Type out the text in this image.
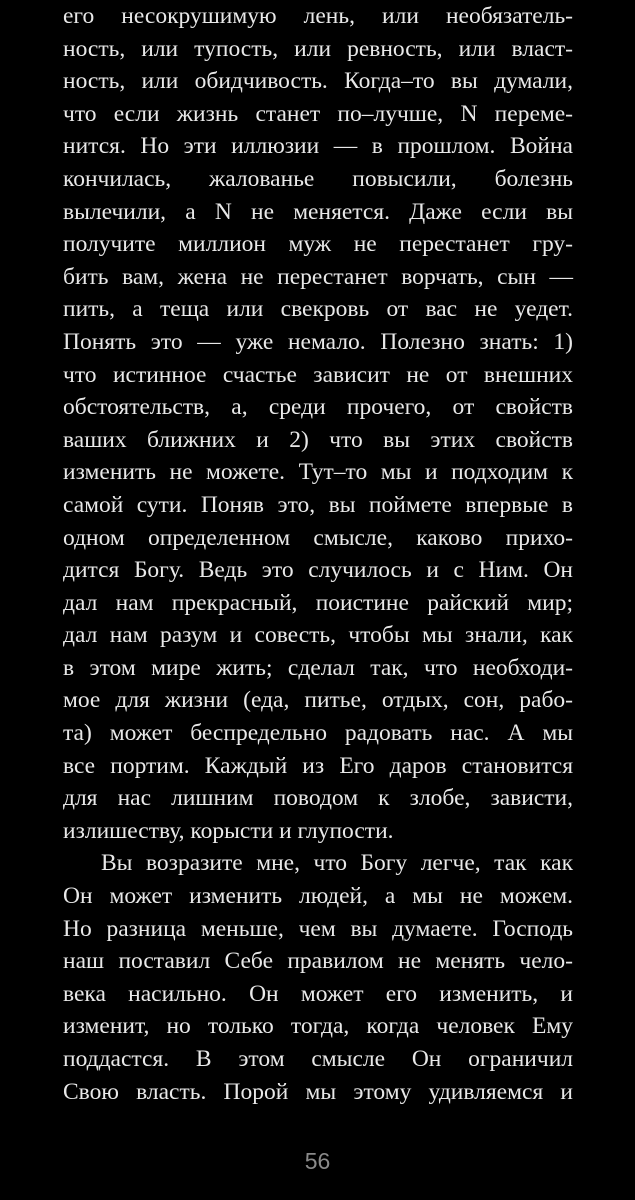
его несокрушимую лень, или необязатель-
ность, или тупость, или ревность, или власт-
ность, или обидчивость. Когда–то вы думали,
что если жизнь станет по–лучше, N переме-
нится. Но эти иллюзии — в прошлом. Война
кончилась, жалованье повысили, болезнь
вылечили, а N не меняется. Даже если вы
получите миллион муж не перестанет гру-
бить вам, жена не перестанет ворчать, сын —
пить, а теща или свекровь от вас не уедет.
Понять это — уже немало. Полезно знать: 1)
что истинное счастье зависит не от внешних
обстоятельств, а, среди прочего, от свойств
ваших ближних и 2) что вы этих свойств
изменить не можете. Тут–то мы и подходим к
самой сути. Поняв это, вы поймете впервые в
одном определенном смысле, каково прихо-
дится Богу. Ведь это случилось и с Ним. Он
дал нам прекрасный, поистине райский мир;
дал нам разум и совесть, чтобы мы знали, как
в этом мире жить; сделал так, что необходи-
мое для жизни (еда, питье, отдых, сон, рабо-
та) может беспредельно радовать нас. А мы
все портим. Каждый из Его даров становится
для нас лишним поводом к злобе, зависти,
излишеству, корысти и глупости.
Вы возразите мне, что Богу легче, так как
Он может изменить людей, а мы не можем.
Но разница меньше, чем вы думаете. Господь
наш поставил Себе правилом не менять чело-
века насильно. Он может его изменить, и
изменит, но только тогда, когда человек Ему
поддастся. В этом смысле Он ограничил
Свою власть. Порой мы этому удивляемся и
56
